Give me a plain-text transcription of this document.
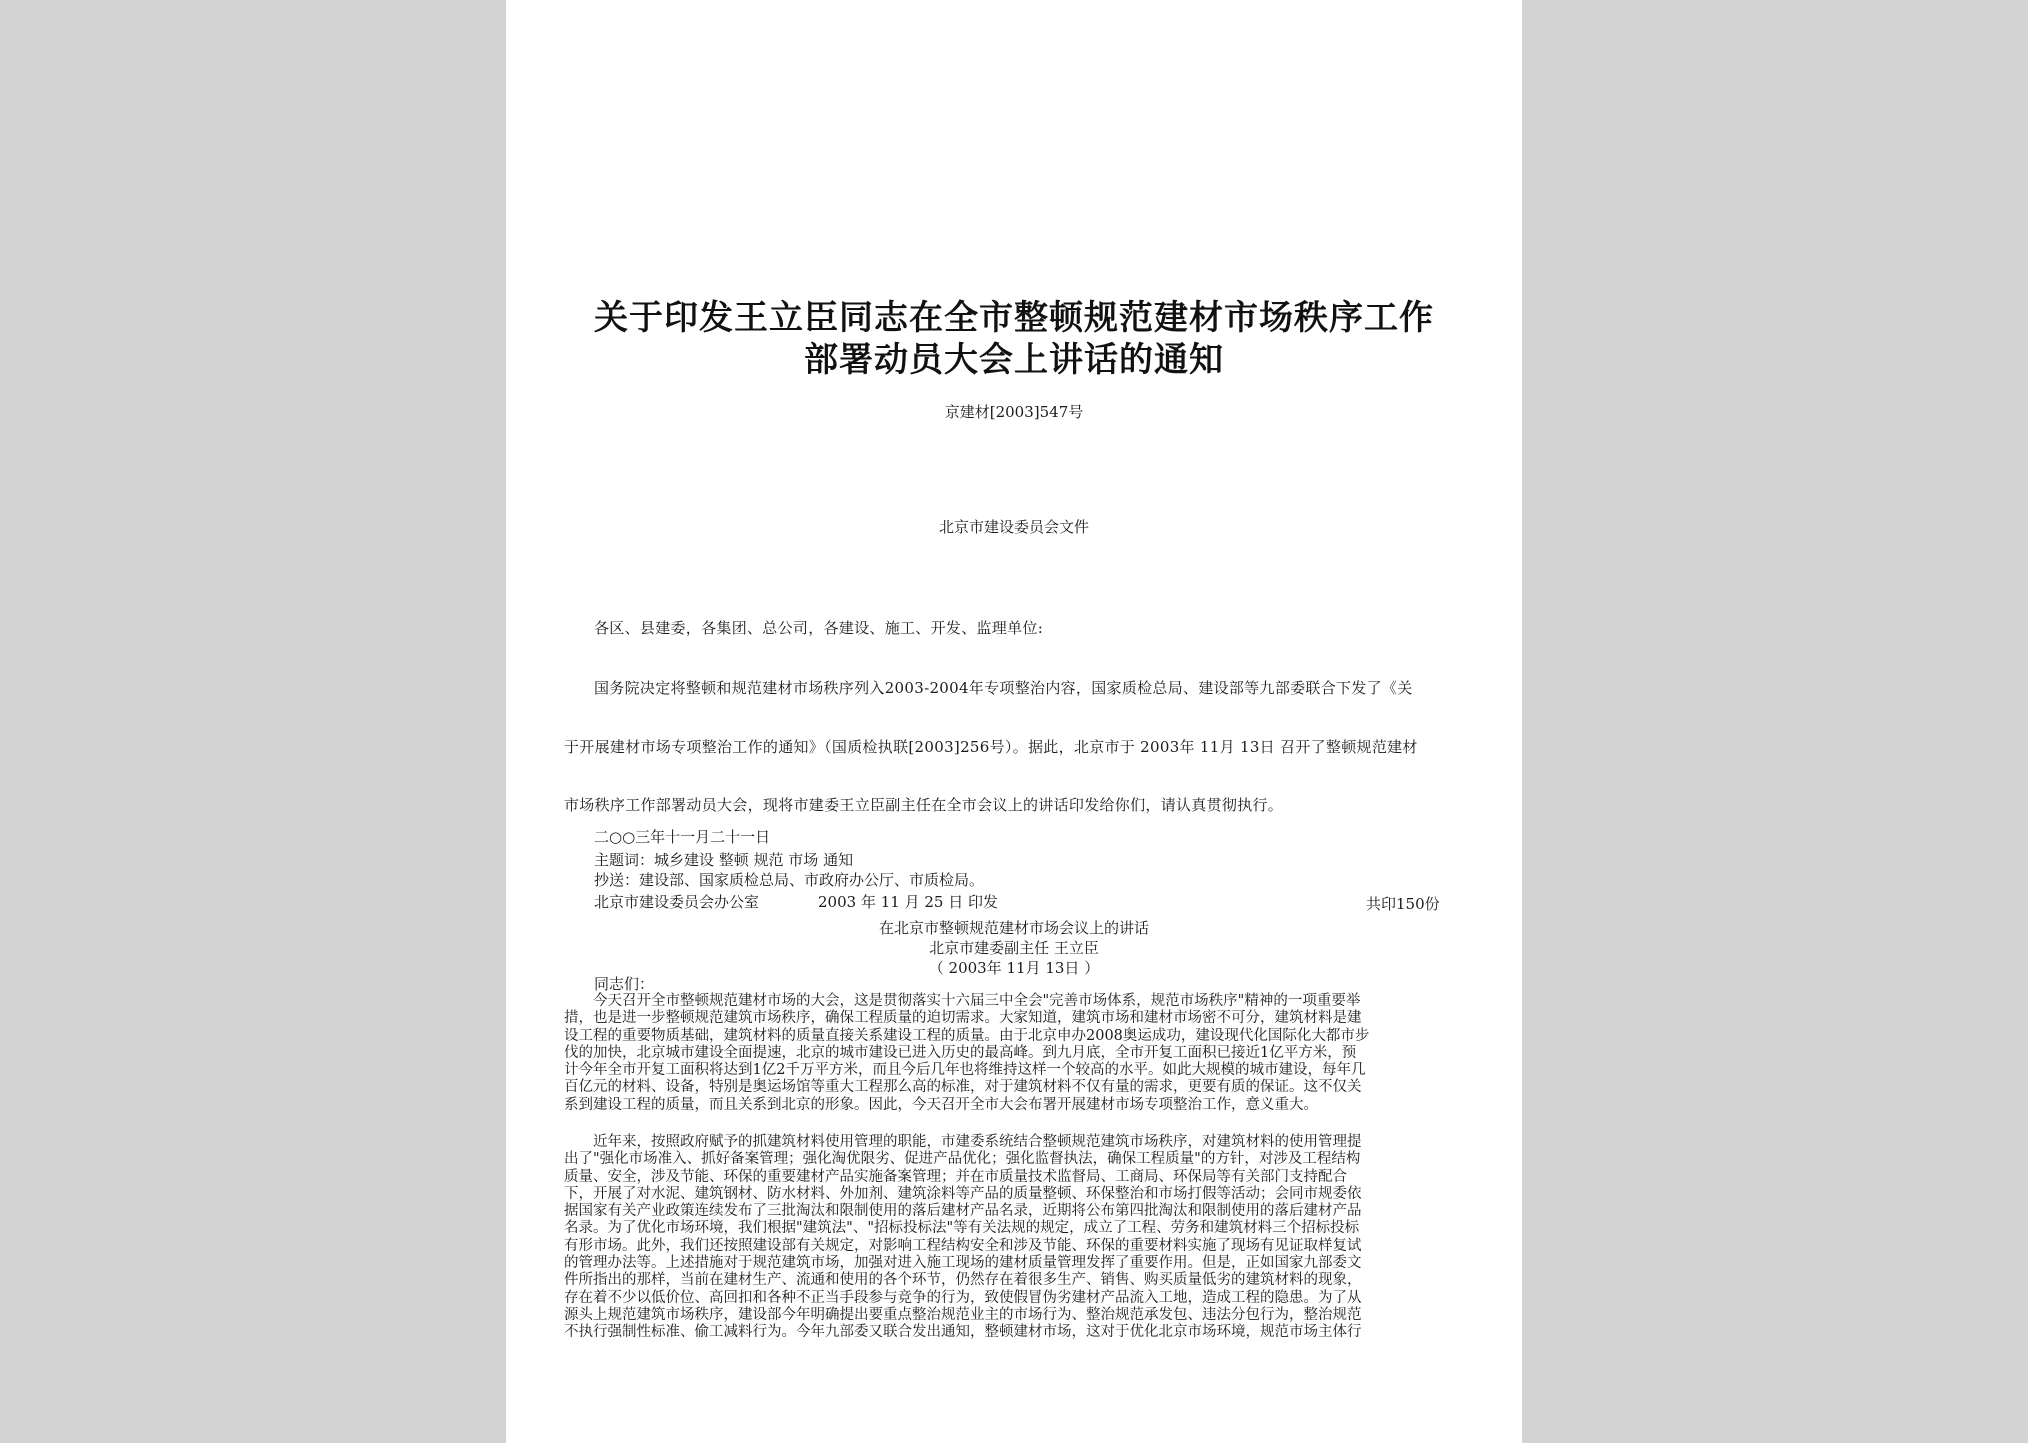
关于印发王立臣同志在全市整顿规范建材市场秩序工作
部署动员大会上讲话的通知
京建材[2003]547号
北京市建设委员会文件
各区、县建委，各集团、总公司，各建设、施工、开发、监理单位:
国务院决定将整顿和规范建材市场秩序列入2003-2004年专项整治内容，国家质检总局、建设部等九部委联合下发了《关
于开展建材市场专项整治工作的通知》（国质检执联[2003]256号）。据此，北京市于 2003年 11月 13日 召开了整顿规范建材
市场秩序工作部署动员大会，现将市建委王立臣副主任在全市会议上的讲话印发给你们，请认真贯彻执行。
二○○三年十一月二十一日
主题词：城乡建设 整顿 规范 市场 通知
抄送：建设部、国家质检总局、市政府办公厅、市质检局。
北京市建设委员会办公室	2003 年 11 月 25 日 印发	共印150份
在北京市整顿规范建材市场会议上的讲话
北京市建委副主任 王立臣
（ 2003年 11月 13日 ）
同志们：
今天召开全市整顿规范建材市场的大会，这是贯彻落实十六届三中全会"完善市场体系，规范市场秩序"精神的一项重要举
措，也是进一步整顿规范建筑市场秩序，确保工程质量的迫切需求。大家知道，建筑市场和建材市场密不可分，建筑材料是建
设工程的重要物质基础，建筑材料的质量直接关系建设工程的质量。由于北京申办2008奥运成功，建设现代化国际化大都市步
伐的加快，北京城市建设全面提速，北京的城市建设已进入历史的最高峰。到九月底，全市开复工面积已接近1亿平方米，预
计今年全市开复工面积将达到1亿2千万平方米，而且今后几年也将维持这样一个较高的水平。如此大规模的城市建设，每年几
百亿元的材料、设备，特别是奥运场馆等重大工程那么高的标准，对于建筑材料不仅有量的需求，更要有质的保证。这不仅关
系到建设工程的质量，而且关系到北京的形象。因此，今天召开全市大会布署开展建材市场专项整治工作，意义重大。
近年来，按照政府赋予的抓建筑材料使用管理的职能，市建委系统结合整顿规范建筑市场秩序，对建筑材料的使用管理提
出了"强化市场准入、抓好备案管理；强化淘优限劣、促进产品优化；强化监督执法，确保工程质量"的方针，对涉及工程结构
质量、安全，涉及节能、环保的重要建材产品实施备案管理；并在市质量技术监督局、工商局、环保局等有关部门支持配合
下，开展了对水泥、建筑钢材、防水材料、外加剂、建筑涂料等产品的质量整顿、环保整治和市场打假等活动；会同市规委依
据国家有关产业政策连续发布了三批淘汰和限制使用的落后建材产品名录，近期将公布第四批淘汰和限制使用的落后建材产品
名录。为了优化市场环境，我们根据"建筑法"、"招标投标法"等有关法规的规定，成立了工程、劳务和建筑材料三个招标投标
有形市场。此外，我们还按照建设部有关规定，对影响工程结构安全和涉及节能、环保的重要材料实施了现场有见证取样复试
的管理办法等。上述措施对于规范建筑市场，加强对进入施工现场的建材质量管理发挥了重要作用。但是，正如国家九部委文
件所指出的那样，当前在建材生产、流通和使用的各个环节，仍然存在着很多生产、销售、购买质量低劣的建筑材料的现象，
存在着不少以低价位、高回扣和各种不正当手段参与竞争的行为，致使假冒伪劣建材产品流入工地，造成工程的隐患。为了从
源头上规范建筑市场秩序，建设部今年明确提出要重点整治规范业主的市场行为、整治规范承发包、违法分包行为，整治规范
不执行强制性标准、偷工减料行为。今年九部委又联合发出通知，整顿建材市场，这对于优化北京市场环境，规范市场主体行
